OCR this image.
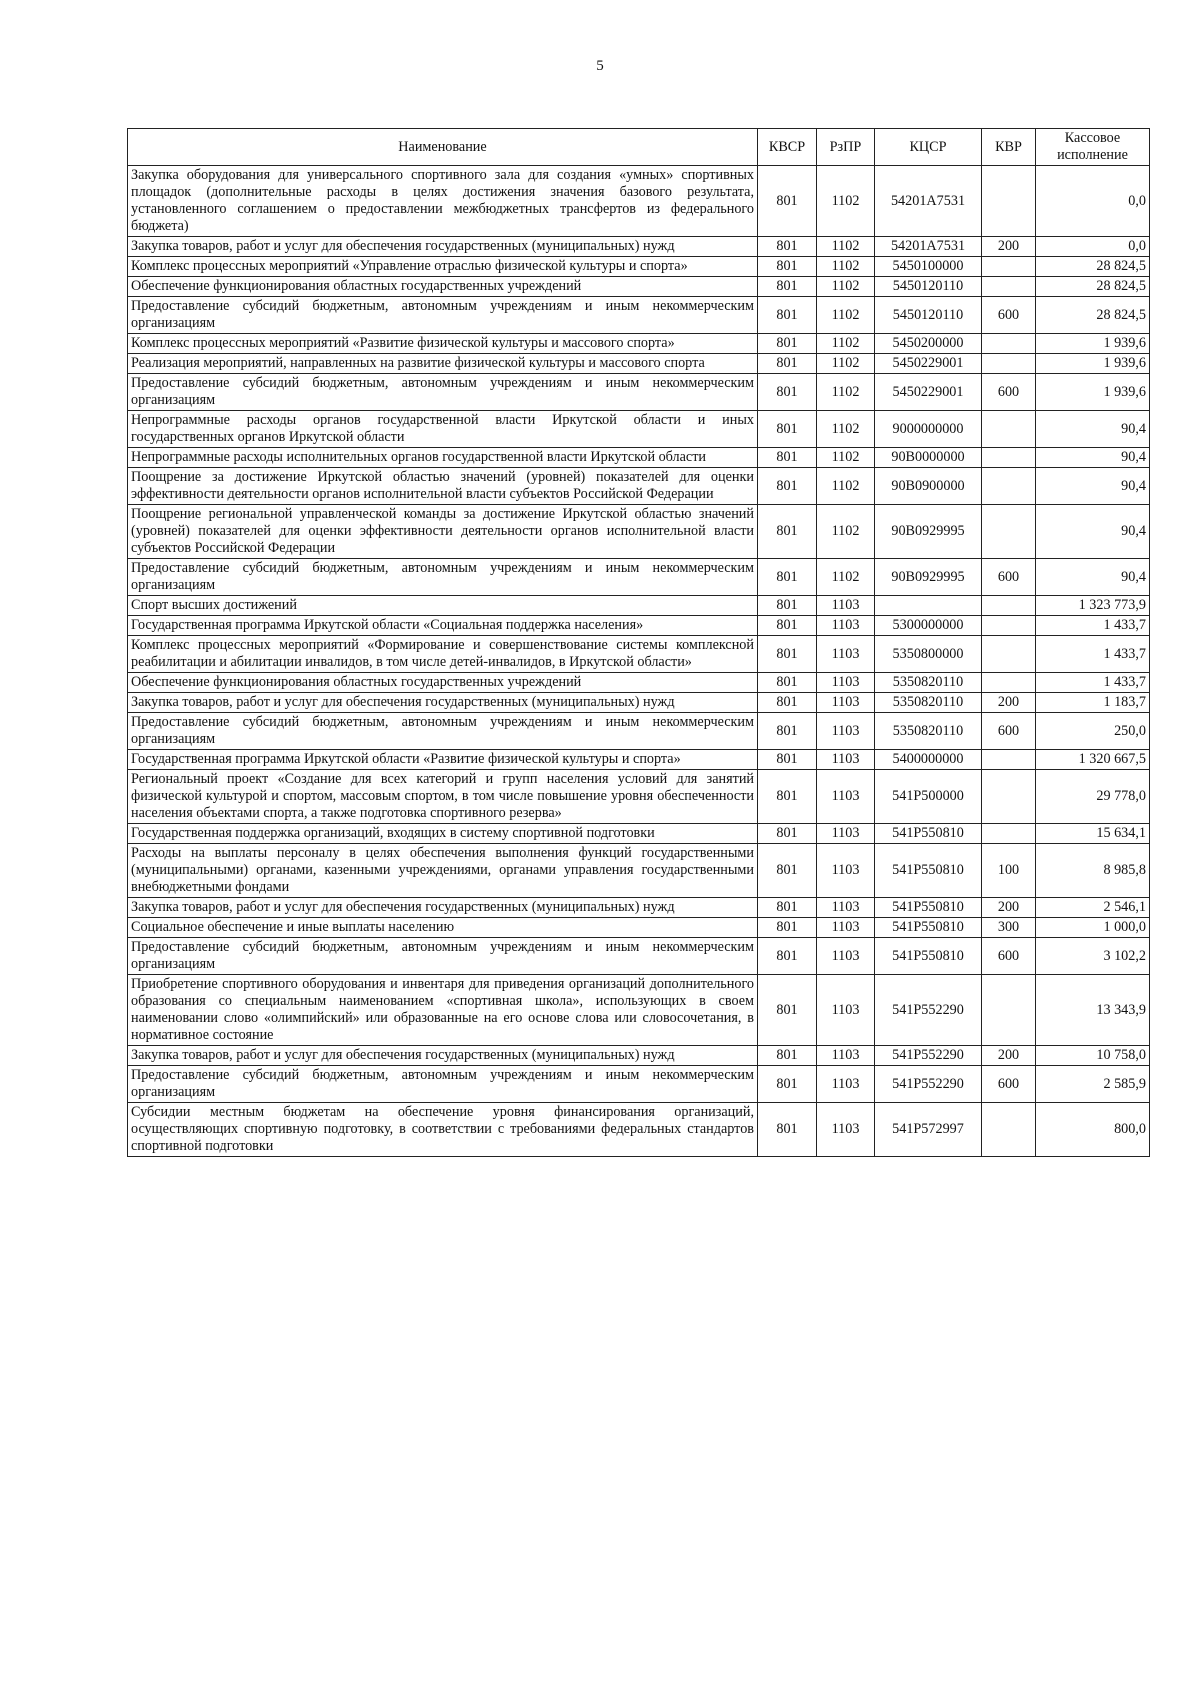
5
Наименование	КВСР	РзПР	КЦСР	КВР	Кассовое исполнение
Закупка оборудования для универсального спортивного зала для создания «умных» спортивных площадок (дополнительные расходы в целях достижения значения базового результата, установленного соглашением о предоставлении межбюджетных трансфертов из федерального бюджета)	801	1102	54201А7531		0,0
Закупка товаров, работ и услуг для обеспечения государственных (муниципальных) нужд	801	1102	54201А7531	200	0,0
Комплекс процессных мероприятий «Управление отраслью физической культуры и спорта»	801	1102	5450100000		28 824,5
Обеспечение функционирования областных государственных учреждений	801	1102	5450120110		28 824,5
Предоставление субсидий бюджетным, автономным учреждениям и иным некоммерческим организациям	801	1102	5450120110	600	28 824,5
Комплекс процессных мероприятий «Развитие физической культуры и массового спорта»	801	1102	5450200000		1 939,6
Реализация мероприятий, направленных на развитие физической культуры и массового спорта	801	1102	5450229001		1 939,6
Предоставление субсидий бюджетным, автономным учреждениям и иным некоммерческим организациям	801	1102	5450229001	600	1 939,6
Непрограммные расходы органов государственной власти Иркутской области и иных государственных органов Иркутской области	801	1102	9000000000		90,4
Непрограммные расходы исполнительных органов государственной власти Иркутской области	801	1102	90В0000000		90,4
Поощрение за достижение Иркутской областью значений (уровней) показателей для оценки эффективности деятельности органов исполнительной власти субъектов Российской Федерации	801	1102	90В0900000		90,4
Поощрение региональной управленческой команды за достижение Иркутской областью значений (уровней) показателей для оценки эффективности деятельности органов исполнительной власти субъектов Российской Федерации	801	1102	90В0929995		90,4
Предоставление субсидий бюджетным, автономным учреждениям и иным некоммерческим организациям	801	1102	90В0929995	600	90,4
Спорт высших достижений	801	1103			1 323 773,9
Государственная программа Иркутской области «Социальная поддержка населения»	801	1103	5300000000		1 433,7
Комплекс процессных мероприятий «Формирование и совершенствование системы комплексной реабилитации и абилитации инвалидов, в том числе детей-инвалидов, в Иркутской области»	801	1103	5350800000		1 433,7
Обеспечение функционирования областных государственных учреждений	801	1103	5350820110		1 433,7
Закупка товаров, работ и услуг для обеспечения государственных (муниципальных) нужд	801	1103	5350820110	200	1 183,7
Предоставление субсидий бюджетным, автономным учреждениям и иным некоммерческим организациям	801	1103	5350820110	600	250,0
Государственная программа Иркутской области «Развитие физической культуры и спорта»	801	1103	5400000000		1 320 667,5
Региональный проект «Создание для всех категорий и групп населения условий для занятий физической культурой и спортом, массовым спортом, в том числе повышение уровня обеспеченности населения объектами спорта, а также подготовка спортивного резерва»	801	1103	541Р500000		29 778,0
Государственная поддержка организаций, входящих в систему спортивной подготовки	801	1103	541Р550810		15 634,1
Расходы на выплаты персоналу в целях обеспечения выполнения функций государственными (муниципальными) органами, казенными учреждениями, органами управления государственными внебюджетными фондами	801	1103	541Р550810	100	8 985,8
Закупка товаров, работ и услуг для обеспечения государственных (муниципальных) нужд	801	1103	541Р550810	200	2 546,1
Социальное обеспечение и иные выплаты населению	801	1103	541Р550810	300	1 000,0
Предоставление субсидий бюджетным, автономным учреждениям и иным некоммерческим организациям	801	1103	541Р550810	600	3 102,2
Приобретение спортивного оборудования и инвентаря для приведения организаций дополнительного образования со специальным наименованием «спортивная школа», использующих в своем наименовании слово «олимпийский» или образованные на его основе слова или словосочетания, в нормативное состояние	801	1103	541Р552290		13 343,9
Закупка товаров, работ и услуг для обеспечения государственных (муниципальных) нужд	801	1103	541Р552290	200	10 758,0
Предоставление субсидий бюджетным, автономным учреждениям и иным некоммерческим организациям	801	1103	541Р552290	600	2 585,9
Субсидии местным бюджетам на обеспечение уровня финансирования организаций, осуществляющих спортивную подготовку, в соответствии с требованиями федеральных стандартов спортивной подготовки	801	1103	541Р572997		800,0
